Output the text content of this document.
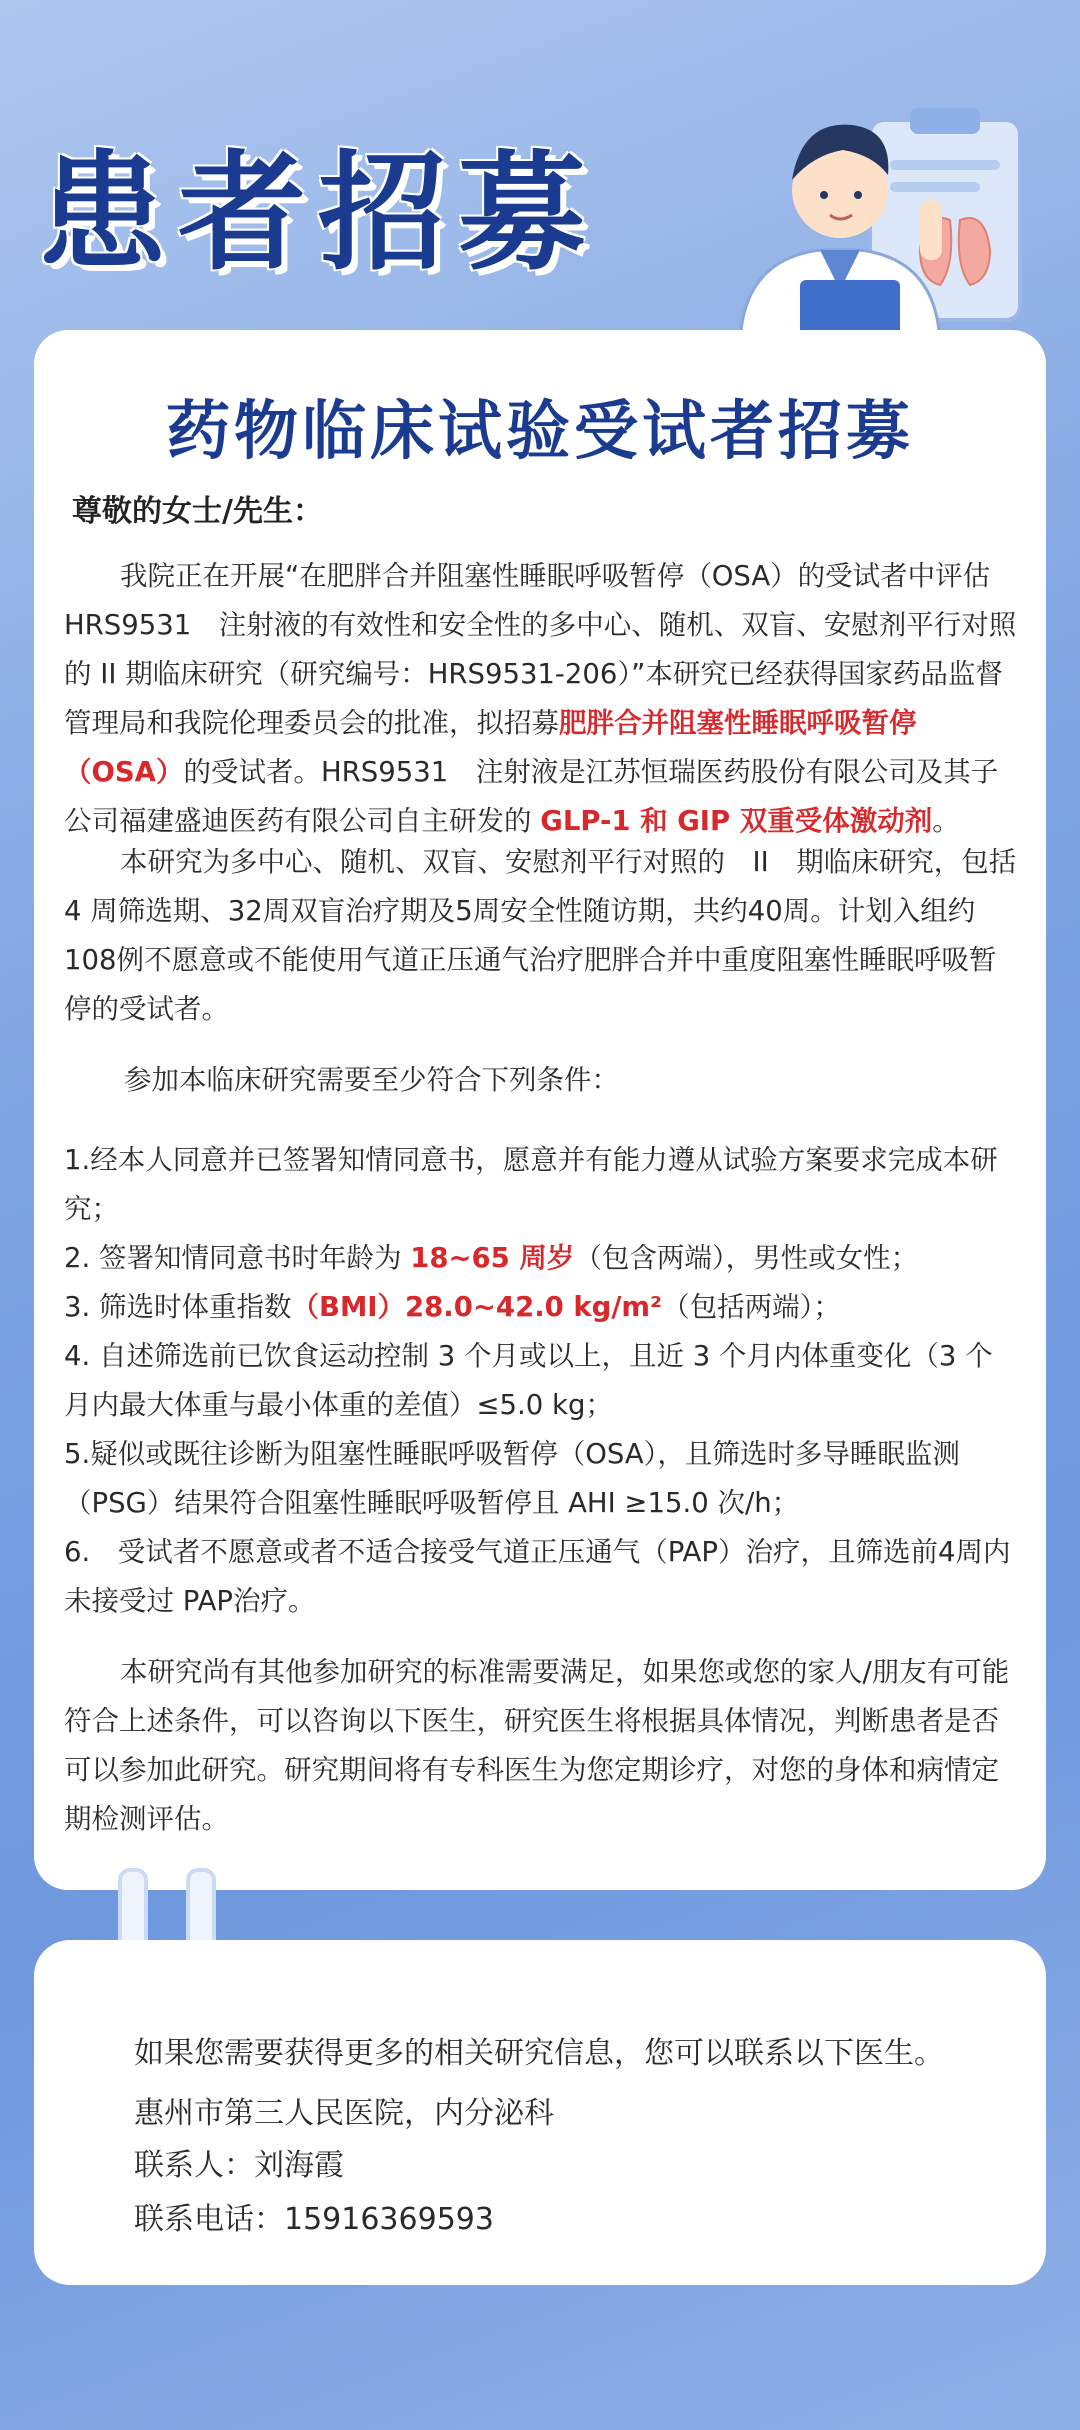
患者招募
药物临床试验受试者招募
尊敬的女士/先生：

我院正在开展“在肥胖合并阻塞性睡眠呼吸暂停（OSA）的受试者中评估HRS9531　注射液的有效性和安全性的多中心、随机、双盲、安慰剂平行对照的 II 期临床研究（研究编号：HRS9531-206）”本研究已经获得国家药品监督管理局和我院伦理委员会的批准，拟招募肥胖合并阻塞性睡眠呼吸暂停（OSA）的受试者。HRS9531　注射液是江苏恒瑞医药股份有限公司及其子公司福建盛迪医药有限公司自主研发的 GLP-1 和 GIP 双重受体激动剂。

本研究为多中心、随机、双盲、安慰剂平行对照的　II　期临床研究，包括　4 周筛选期、32周双盲治疗期及5周安全性随访期，共约40周。计划入组约108例不愿意或不能使用气道正压通气治疗肥胖合并中重度阻塞性睡眠呼吸暂停的受试者。

参加本临床研究需要至少符合下列条件：
1.经本人同意并已签署知情同意书，愿意并有能力遵从试验方案要求完成本研究；
2. 签署知情同意书时年龄为 18~65 周岁（包含两端），男性或女性；
3. 筛选时体重指数（BMI）28.0~42.0 kg/m²（包括两端）；
4. 自述筛选前已饮食运动控制 3 个月或以上，且近 3 个月内体重变化（3 个月内最大体重与最小体重的差值）≤5.0 kg；
5.疑似或既往诊断为阻塞性睡眠呼吸暂停（OSA），且筛选时多导睡眠监测（PSG）结果符合阻塞性睡眠呼吸暂停且 AHI ≥15.0 次/h；
6.　受试者不愿意或者不适合接受气道正压通气（PAP）治疗，且筛选前4周内未接受过 PAP治疗。

本研究尚有其他参加研究的标准需要满足，如果您或您的家人/朋友有可能符合上述条件，可以咨询以下医生，研究医生将根据具体情况，判断患者是否可以参加此研究。研究期间将有专科医生为您定期诊疗，对您的身体和病情定期检测评估。

如果您需要获得更多的相关研究信息，您可以联系以下医生。
惠州市第三人民医院，内分泌科
联系人：刘海霞
联系电话：15916369593
